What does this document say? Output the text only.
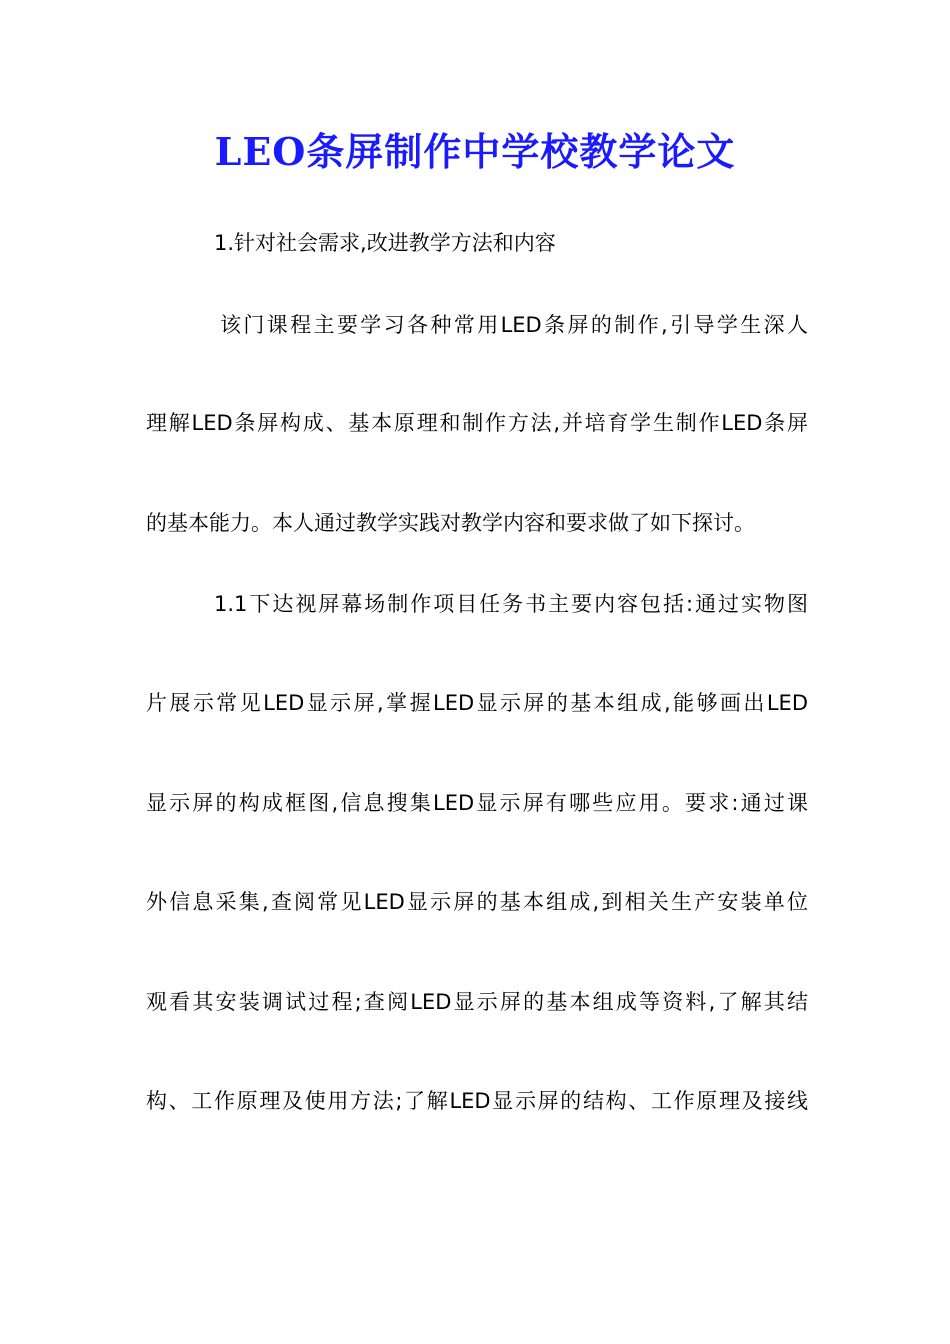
LEO条屏制作中学校教学论文
1.针对社会需求,改进教学方法和内容
该门课程主要学习各种常用LED条屏的制作,引导学生深人
理解LED条屏构成、基本原理和制作方法,并培育学生制作LED条屏
的基本能力。本人通过教学实践对教学内容和要求做了如下探讨。
1.1下达视屏幕场制作项目任务书主要内容包括:通过实物图
片展示常见LED显示屏,掌握LED显示屏的基本组成,能够画出LED
显示屏的构成框图,信息搜集LED显示屏有哪些应用。要求:通过课
外信息采集,查阅常见LED显示屏的基本组成,到相关生产安装单位
观看其安装调试过程;查阅LED显示屏的基本组成等资料,了解其结
构、工作原理及使用方法;了解LED显示屏的结构、工作原理及接线
